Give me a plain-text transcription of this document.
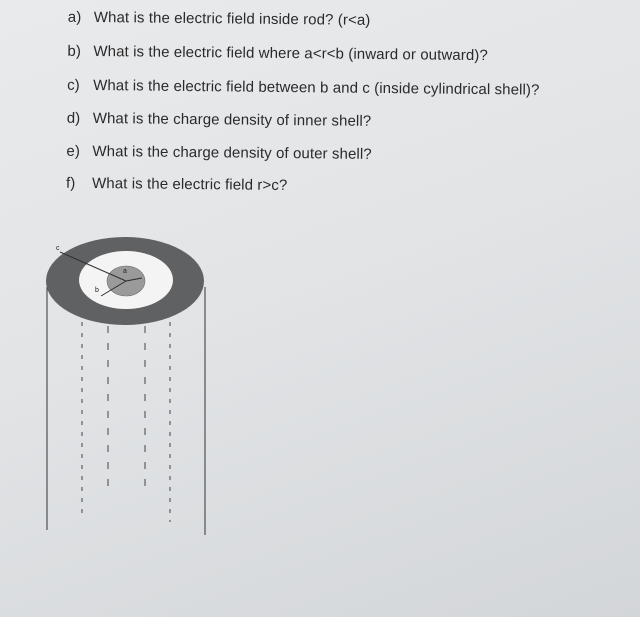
a) What is the electric field inside rod? (r<a)
b) What is the electric field where a<r<b (inward or outward)?
c) What is the electric field between b and c (inside cylindrical shell)?
d) What is the charge density of inner shell?
e) What is the charge density of outer shell?
f) What is the electric field r>c?
c
a
b
